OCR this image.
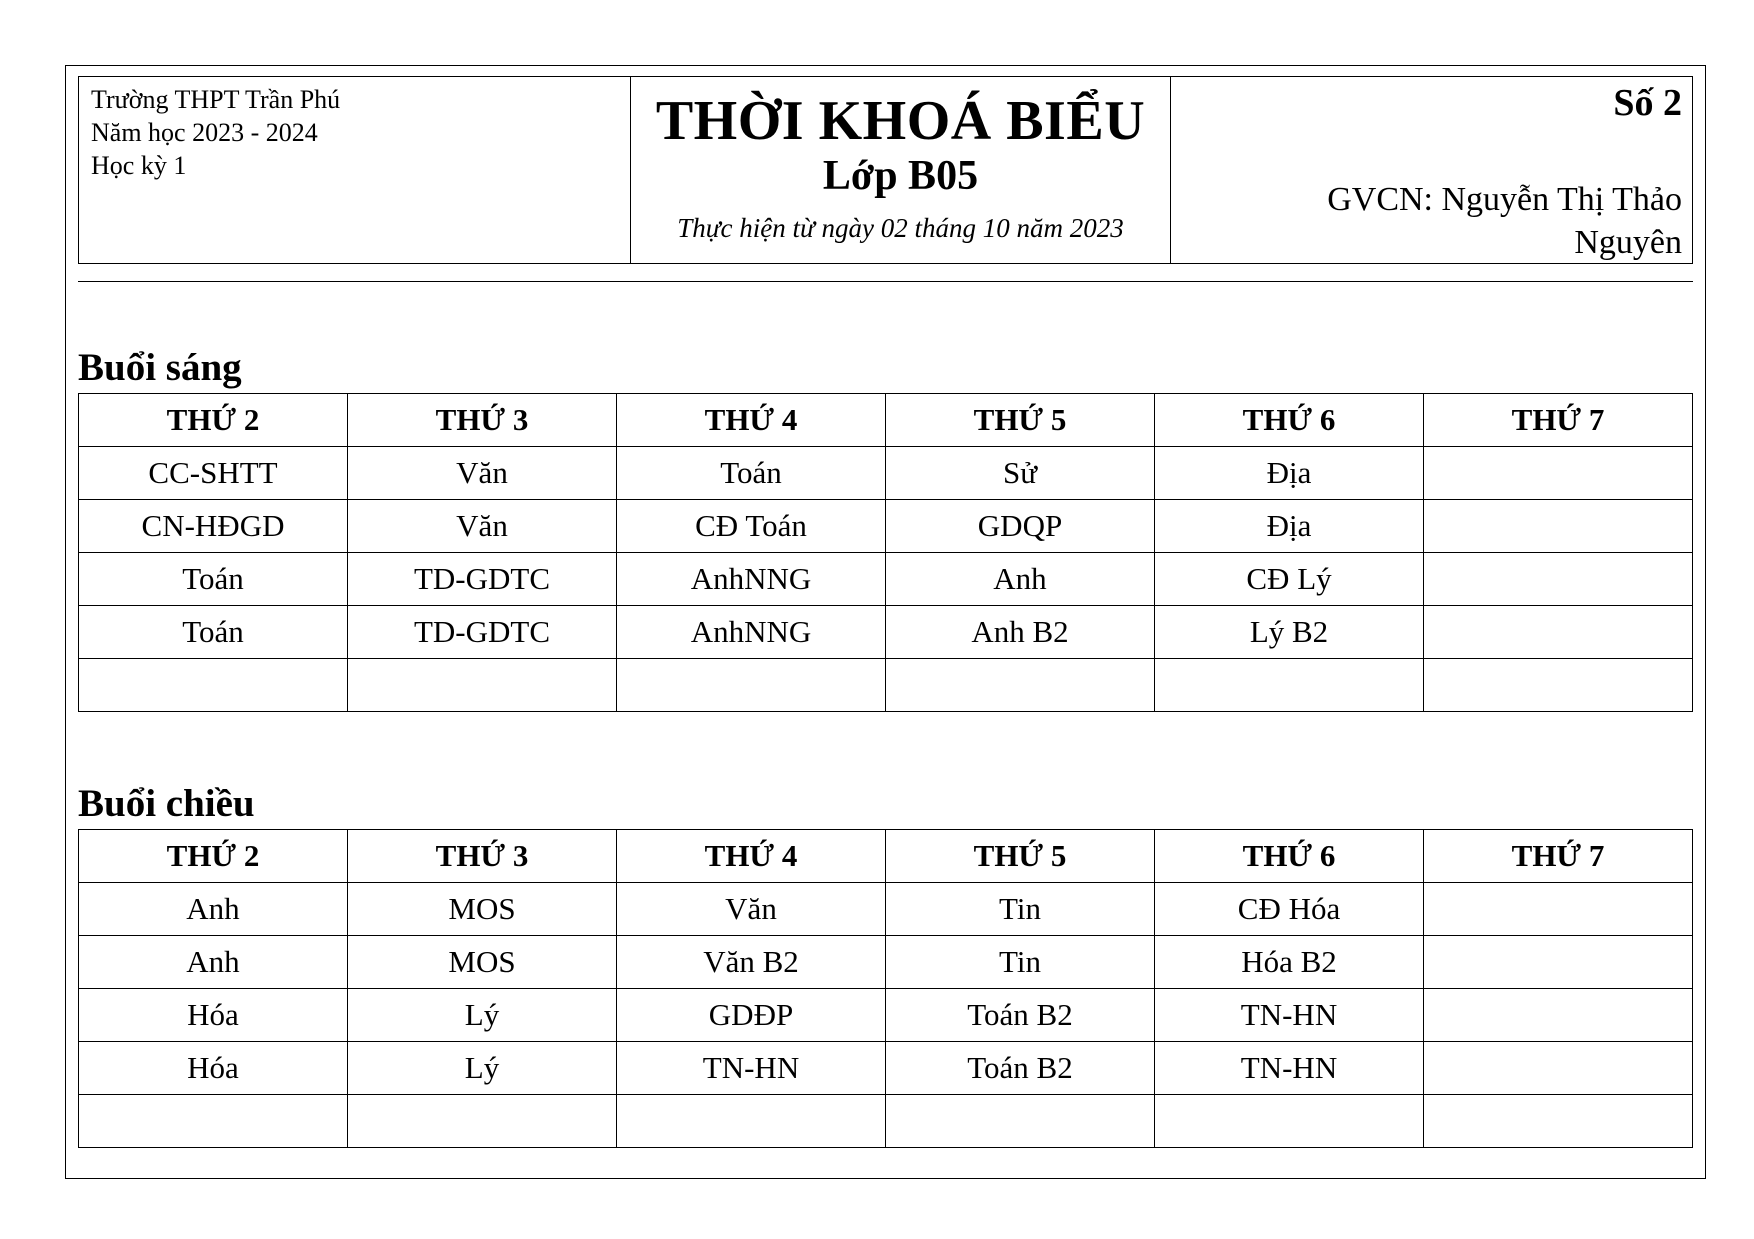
Trường THPT Trần Phú
Năm học 2023 - 2024
Học kỳ 1

THỜI KHOÁ BIỂU
Lớp B05
Thực hiện từ ngày 02 tháng 10 năm 2023

Số 2
GVCN: Nguyễn Thị Thảo Nguyên
Buổi sáng
THỨ 2	THỨ 3	THỨ 4	THỨ 5	THỨ 6	THỨ 7
CC-SHTT	Văn	Toán	Sử	Địa	
CN-HĐGD	Văn	CĐ Toán	GDQP	Địa	
Toán	TD-GDTC	AnhNNG	Anh	CĐ Lý	
Toán	TD-GDTC	AnhNNG	Anh B2	Lý B2	

Buổi chiều
THỨ 2	THỨ 3	THỨ 4	THỨ 5	THỨ 6	THỨ 7
Anh	MOS	Văn	Tin	CĐ Hóa	
Anh	MOS	Văn B2	Tin	Hóa B2	
Hóa	Lý	GDĐP	Toán B2	TN-HN	
Hóa	Lý	TN-HN	Toán B2	TN-HN	
